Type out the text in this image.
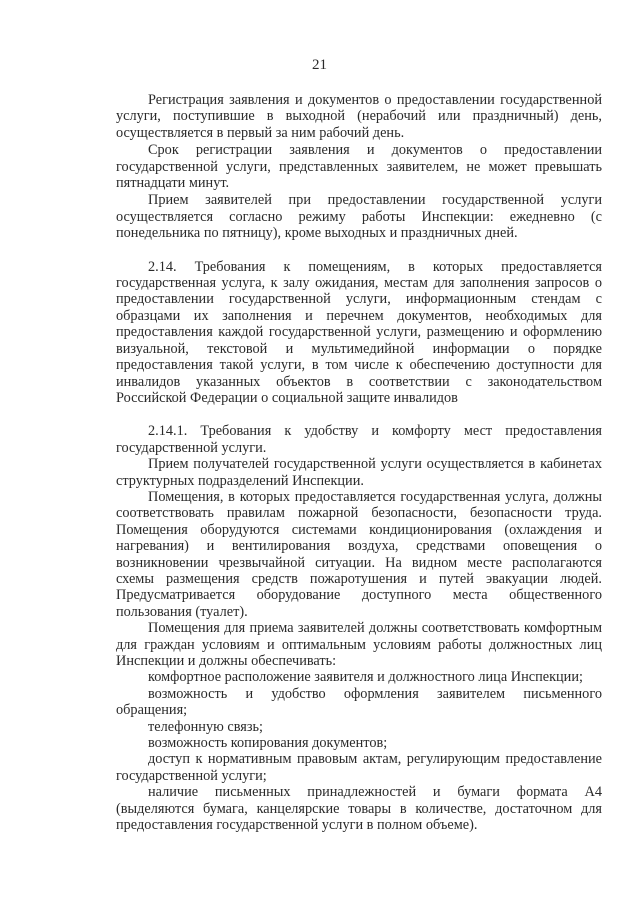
21

Регистрация заявления и документов о предоставлении государственной услуги, поступившие в выходной (нерабочий или праздничный) день, осуществляется в первый за ним рабочий день.

Срок регистрации заявления и документов о предоставлении государственной услуги, представленных заявителем, не может превышать пятнадцати минут.

Прием заявителей при предоставлении государственной услуги осуществляется согласно режиму работы Инспекции: ежедневно (с понедельника по пятницу), кроме выходных и праздничных дней.

2.14. Требования к помещениям, в которых предоставляется государственная услуга, к залу ожидания, местам для заполнения запросов о предоставлении государственной услуги, информационным стендам с образцами их заполнения и перечнем документов, необходимых для предоставления каждой государственной услуги, размещению и оформлению визуальной, текстовой и мультимедийной информации о порядке предоставления такой услуги, в том числе к обеспечению доступности для инвалидов указанных объектов в соответствии с законодательством Российской Федерации о социальной защите инвалидов

2.14.1. Требования к удобству и комфорту мест предоставления государственной услуги.

Прием получателей государственной услуги осуществляется в кабинетах структурных подразделений Инспекции.

Помещения, в которых предоставляется государственная услуга, должны соответствовать правилам пожарной безопасности, безопасности труда. Помещения оборудуются системами кондиционирования (охлаждения и нагревания) и вентилирования воздуха, средствами оповещения о возникновении чрезвычайной ситуации. На видном месте располагаются схемы размещения средств пожаротушения и путей эвакуации людей. Предусматривается оборудование доступного места общественного пользования (туалет).

Помещения для приема заявителей должны соответствовать комфортным для граждан условиям и оптимальным условиям работы должностных лиц Инспекции и должны обеспечивать:

комфортное расположение заявителя и должностного лица Инспекции;

возможность и удобство оформления заявителем письменного обращения;

телефонную связь;

возможность копирования документов;

доступ к нормативным правовым актам, регулирующим предоставление государственной услуги;

наличие письменных принадлежностей и бумаги формата А4 (выделяются бумага, канцелярские товары в количестве, достаточном для предоставления государственной услуги в полном объеме).
